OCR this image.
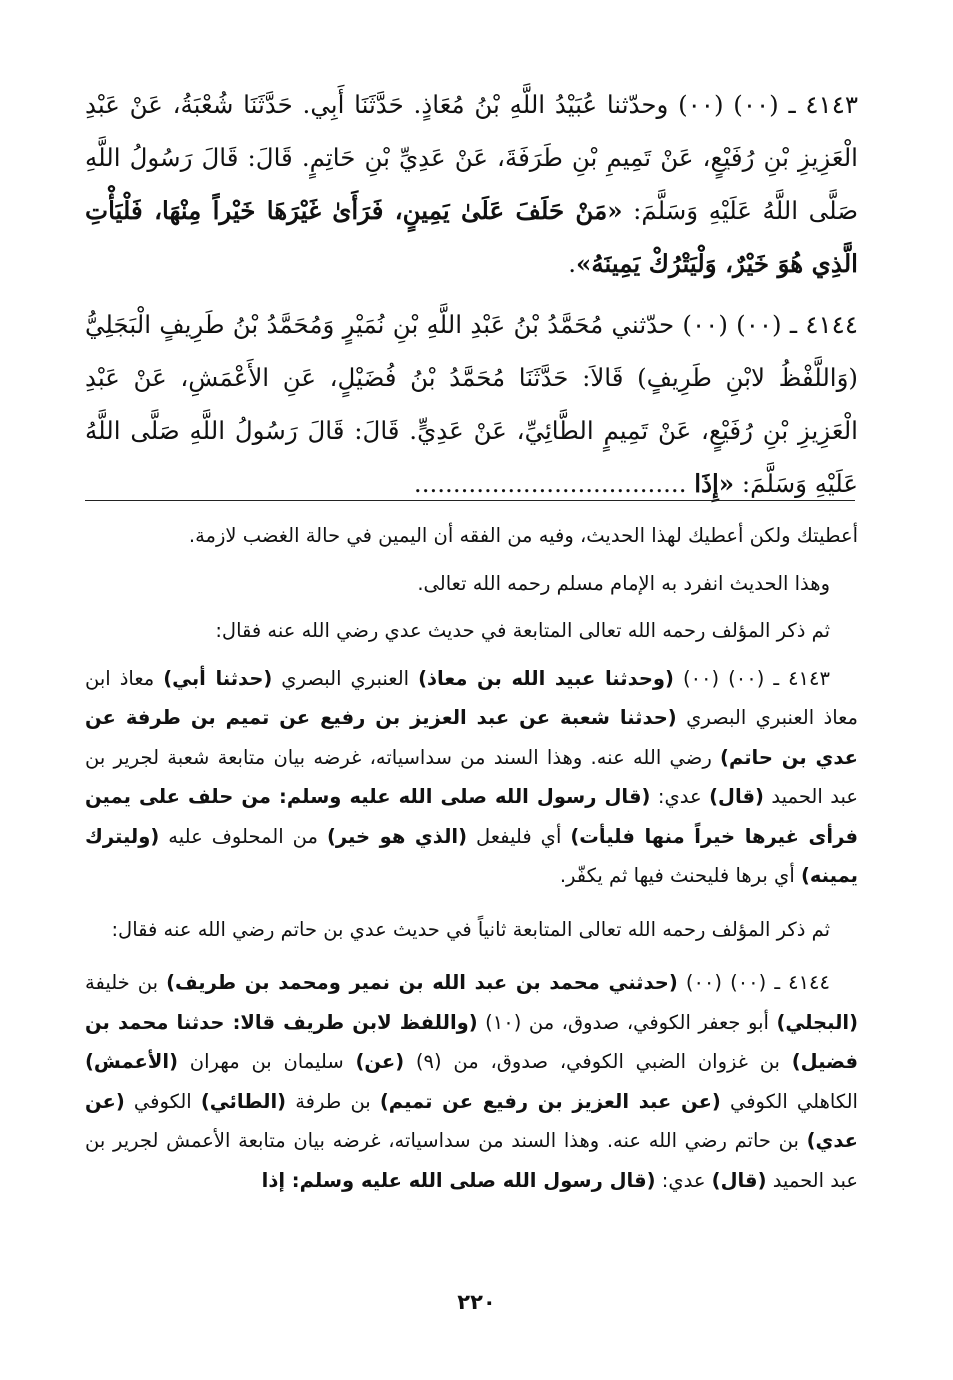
٤١٤٣ ـ (٠٠) (٠٠) وحدّثنا عُبَيْدُ اللَّهِ بْنُ مُعَاذٍ. حَدَّثَنَا أَبِي. حَدَّثَنَا شُعْبَةُ، عَنْ عَبْدِ الْعَزِيزِ بْنِ رُفَيْعٍ، عَنْ تَمِيمِ بْنِ طَرَفَةَ، عَنْ عَدِيِّ بْنِ حَاتِمٍ. قَالَ: قَالَ رَسُولُ اللَّهِ صَلَّى اللَّهُ عَلَيْهِ وَسَلَّمَ: «مَنْ حَلَفَ عَلَىٰ يَمِينٍ، فَرَأَىٰ غَيْرَهَا خَيْراً مِنْهَا، فَلْيَأْتِ الَّذِي هُوَ خَيْرٌ، وَلْيَتْرُكْ يَمِينَهُ».

٤١٤٤ ـ (٠٠) (٠٠) حدّثني مُحَمَّدُ بْنُ عَبْدِ اللَّهِ بْنِ نُمَيْرٍ وَمُحَمَّدُ بْنُ طَرِيفٍ الْبَجَلِيُّ (وَاللَّفْظُ لابْنِ طَرِيفٍ) قَالاَ: حَدَّثَنَا مُحَمَّدُ بْنُ فُضَيْلٍ، عَنِ الأَعْمَشِ، عَنْ عَبْدِ الْعَزِيزِ بْنِ رُفَيْعٍ، عَنْ تَمِيمٍ الطَّائِيِّ، عَنْ عَدِيٍّ. قَالَ: قَالَ رَسُولُ اللَّهِ صَلَّى اللَّهُ عَلَيْهِ وَسَلَّمَ: «إِذَا ...................................

أعطيتك ولكن أعطيك لهذا الحديث، وفيه من الفقه أن اليمين في حالة الغضب لازمة.

وهذا الحديث انفرد به الإمام مسلم رحمه الله تعالى.

ثم ذكر المؤلف رحمه الله تعالى المتابعة في حديث عدي رضي الله عنه فقال:

٤١٤٣ ـ (٠٠) (٠٠) (وحدثنا عبيد الله بن معاذ) العنبري البصري (حدثنا أبي) معاذ ابن معاذ العنبري البصري (حدثنا شعبة عن عبد العزيز بن رفيع عن تميم بن طرفة عن عدي بن حاتم) رضي الله عنه. وهذا السند من سداسياته، غرضه بيان متابعة شعبة لجرير بن عبد الحميد (قال) عدي: (قال رسول الله صلى الله عليه وسلم: من حلف على يمين فرأى غيرها خيراً منها فليأت) أي فليفعل (الذي هو خير) من المحلوف عليه (وليترك يمينه) أي برها فليحنث فيها ثم يكفّر.

ثم ذكر المؤلف رحمه الله تعالى المتابعة ثانياً في حديث عدي بن حاتم رضي الله عنه فقال:

٤١٤٤ ـ (٠٠) (٠٠) (حدثني محمد بن عبد الله بن نمير ومحمد بن طريف) بن خليفة (البجلي) أبو جعفر الكوفي، صدوق، من (١٠) (واللفظ لابن طريف قالا: حدثنا محمد بن فضيل) بن غزوان الضبي الكوفي، صدوق، من (٩) (عن) سليمان بن مهران (الأعمش) الكاهلي الكوفي (عن عبد العزيز بن رفيع عن تميم) بن طرفة (الطائي) الكوفي (عن عدي) بن حاتم رضي الله عنه. وهذا السند من سداسياته، غرضه بيان متابعة الأعمش لجرير بن عبد الحميد (قال) عدي: (قال رسول الله صلى الله عليه وسلم: إذا

٢٢٠
